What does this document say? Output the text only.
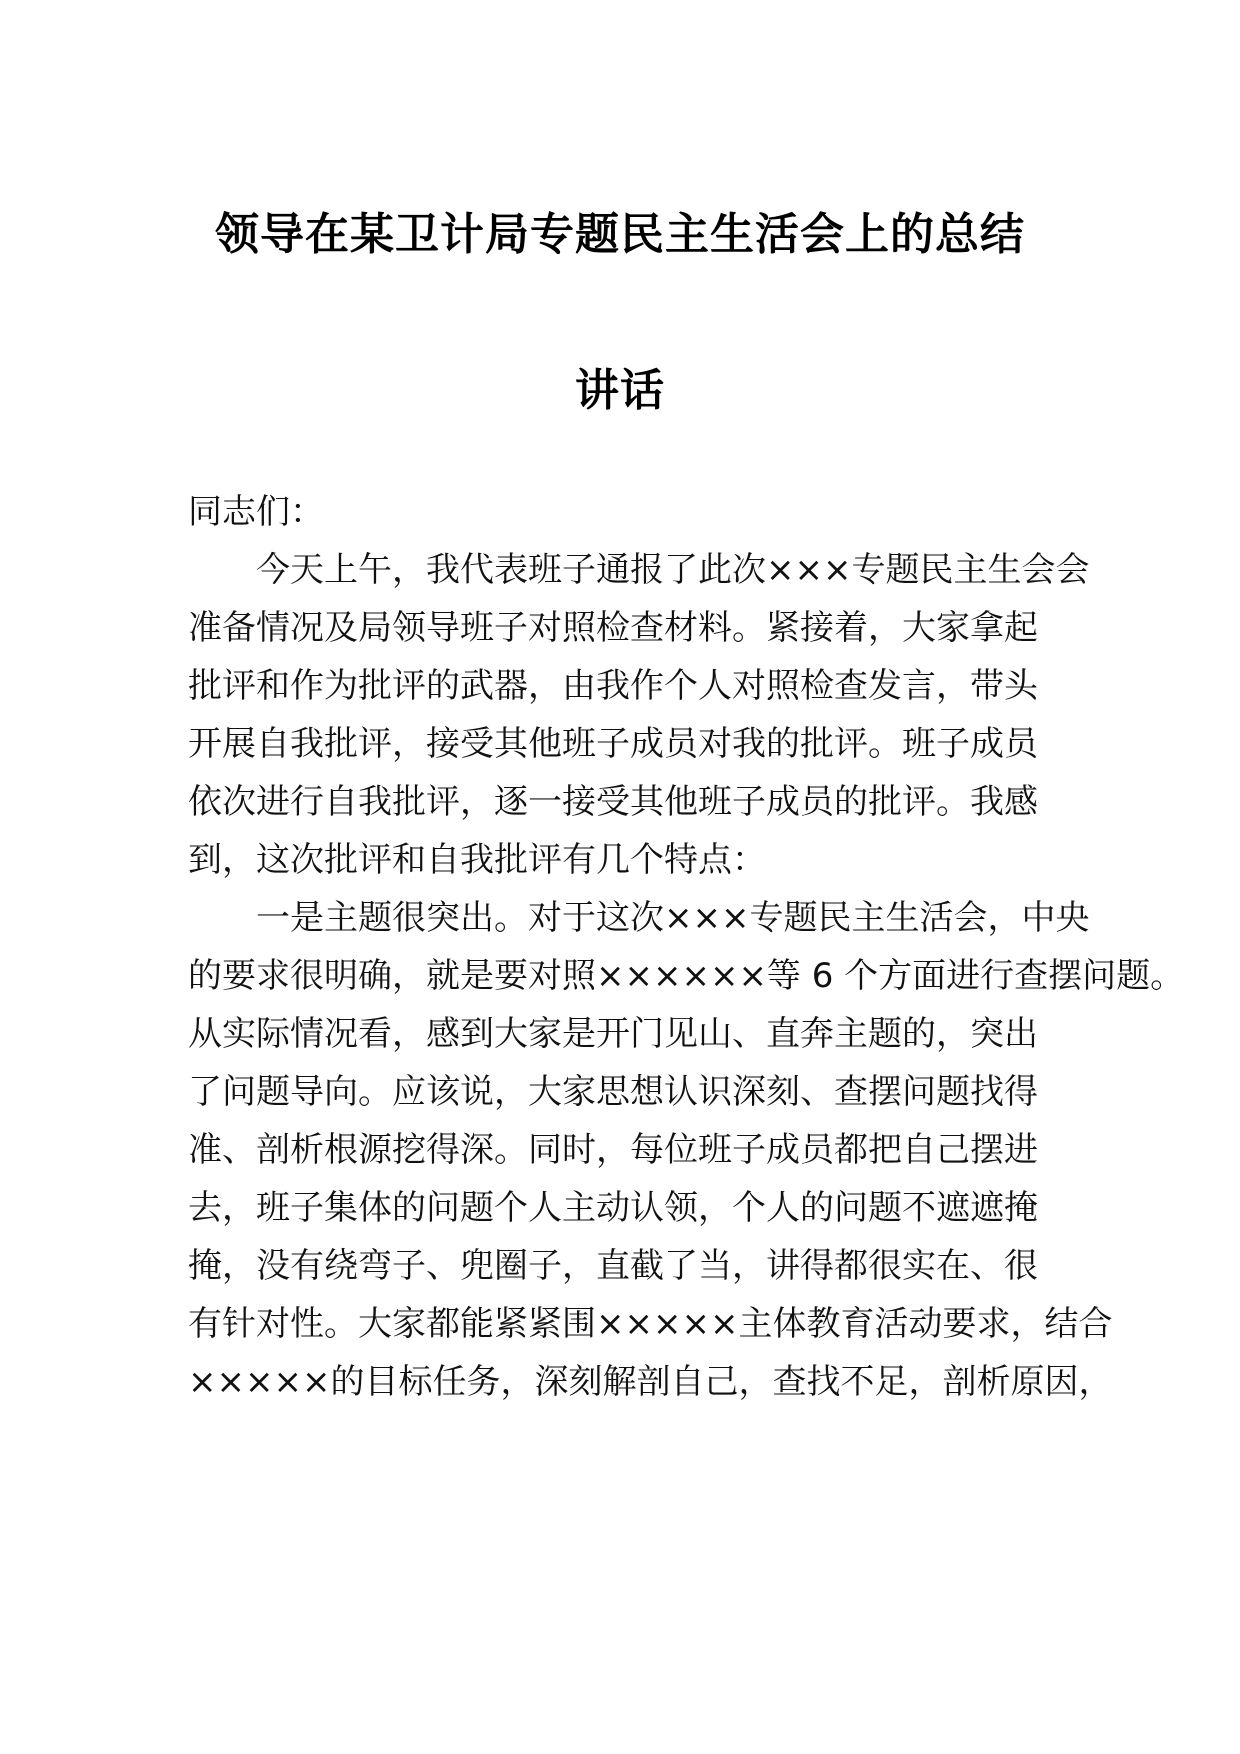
领导在某卫计局专题民主生活会上的总结
讲话
同志们：
今天上午，我代表班子通报了此次×××专题民主生会会
准备情况及局领导班子对照检查材料。紧接着，大家拿起
批评和作为批评的武器，由我作个人对照检查发言，带头
开展自我批评，接受其他班子成员对我的批评。班子成员
依次进行自我批评，逐一接受其他班子成员的批评。我感
到，这次批评和自我批评有几个特点：
一是主题很突出。对于这次×××专题民主生活会，中央
的要求很明确，就是要对照××××××等 6 个方面进行查摆问题。
从实际情况看，感到大家是开门见山、直奔主题的，突出
了问题导向。应该说，大家思想认识深刻、查摆问题找得
准、剖析根源挖得深。同时，每位班子成员都把自己摆进
去，班子集体的问题个人主动认领，个人的问题不遮遮掩
掩，没有绕弯子、兜圈子，直截了当，讲得都很实在、很
有针对性。大家都能紧紧围×××××主体教育活动要求，结合
×××××的目标任务，深刻解剖自己，查找不足，剖析原因，
